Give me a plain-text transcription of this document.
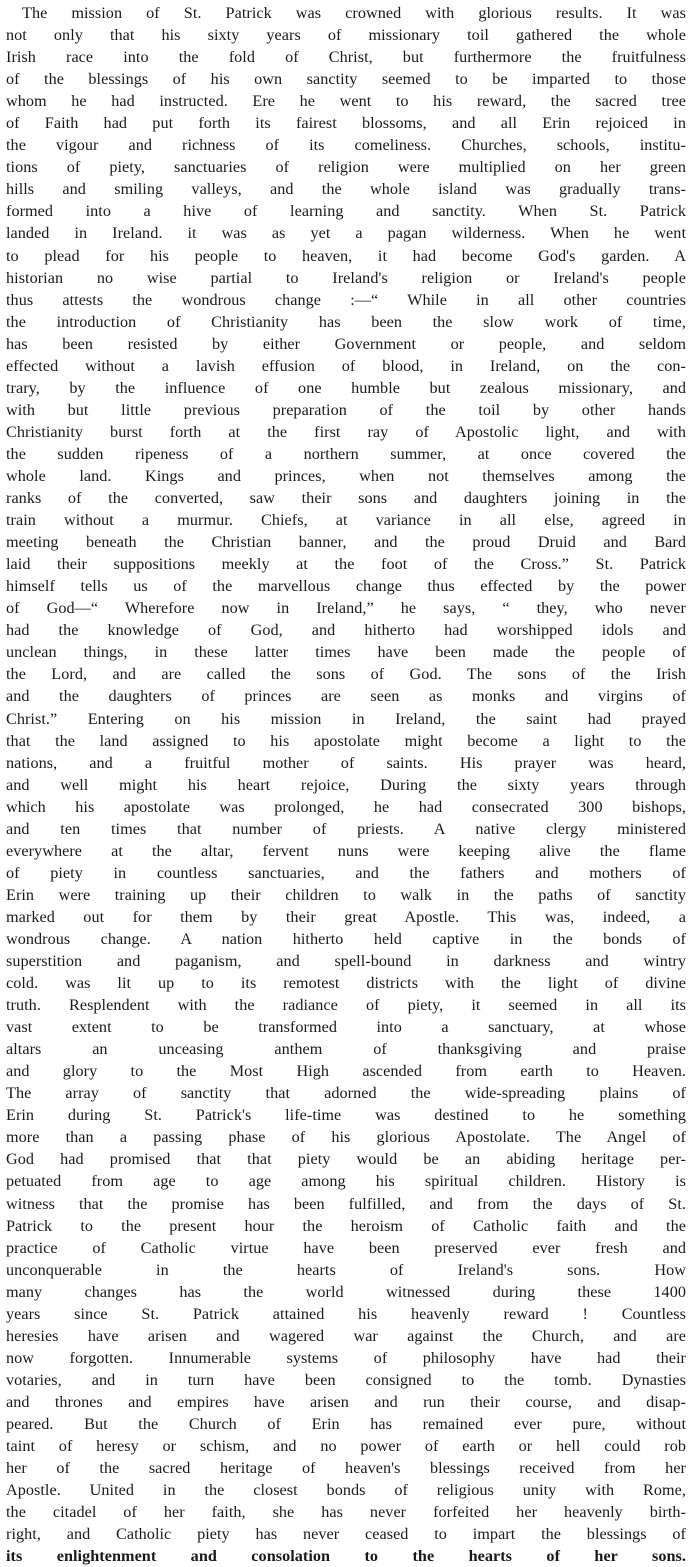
The mission of St. Patrick was crowned with glorious results. It was
not only that his sixty years of missionary toil gathered the whole
Irish race into the fold of Christ, but furthermore the fruitfulness
of the blessings of his own sanctity seemed to be imparted to those
whom he had instructed. Ere he went to his reward, the sacred tree
of Faith had put forth its fairest blossoms, and all Erin rejoiced in
the vigour and richness of its comeliness. Churches, schools, institu-
tions of piety, sanctuaries of religion were multiplied on her green
hills and smiling valleys, and the whole island was gradually trans-
formed into a hive of learning and sanctity. When St. Patrick
landed in Ireland. it was as yet a pagan wilderness. When he went
to plead for his people to heaven, it had become God's garden. A
historian no wise partial to Ireland's religion or Ireland's people
thus attests the wondrous change :—“ While in all other countries
the introduction of Christianity has been the slow work of time,
has been resisted by either Government or people, and seldom
effected without a lavish effusion of blood, in Ireland, on the con-
trary, by the influence of one humble but zealous missionary, and
with but little previous preparation of the toil by other hands
Christianity burst forth at the first ray of Apostolic light, and with
the sudden ripeness of a northern summer, at once covered the
whole land. Kings and princes, when not themselves among the
ranks of the converted, saw their sons and daughters joining in the
train without a murmur. Chiefs, at variance in all else, agreed in
meeting beneath the Christian banner, and the proud Druid and Bard
laid their suppositions meekly at the foot of the Cross.” St. Patrick
himself tells us of the marvellous change thus effected by the power
of God—“ Wherefore now in Ireland,” he says, “ they, who never
had the knowledge of God, and hitherto had worshipped idols and
unclean things, in these latter times have been made the people of
the Lord, and are called the sons of God. The sons of the Irish
and the daughters of princes are seen as monks and virgins of
Christ.” Entering on his mission in Ireland, the saint had prayed
that the land assigned to his apostolate might become a light to the
nations, and a fruitful mother of saints. His prayer was heard,
and well might his heart rejoice, During the sixty years through
which his apostolate was prolonged, he had consecrated 300 bishops,
and ten times that number of priests. A native clergy ministered
everywhere at the altar, fervent nuns were keeping alive the flame
of piety in countless sanctuaries, and the fathers and mothers of
Erin were training up their children to walk in the paths of sanctity
marked out for them by their great Apostle. This was, indeed, a
wondrous change. A nation hitherto held captive in the bonds of
superstition and paganism, and spell-bound in darkness and wintry
cold. was lit up to its remotest districts with the light of divine
truth. Resplendent with the radiance of piety, it seemed in all its
vast extent to be transformed into a sanctuary, at whose
altars an unceasing anthem of thanksgiving and praise
and glory to the Most High ascended from earth to Heaven.
The array of sanctity that adorned the wide-spreading plains of
Erin during St. Patrick's life-time was destined to he something
more than a passing phase of his glorious Apostolate. The Angel of
God had promised that that piety would be an abiding heritage per-
petuated from age to age among his spiritual children. History is
witness that the promise has been fulfilled, and from the days of St.
Patrick to the present hour the heroism of Catholic faith and the
practice of Catholic virtue have been preserved ever fresh and
unconquerable in the hearts of Ireland's sons. How
many changes has the world witnessed during these 1400
years since St. Patrick attained his heavenly reward ! Countless
heresies have arisen and wagered war against the Church, and are
now forgotten. Innumerable systems of philosophy have had their
votaries, and in turn have been consigned to the tomb. Dynasties
and thrones and empires have arisen and run their course, and disap-
peared. But the Church of Erin has remained ever pure, without
taint of heresy or schism, and no power of earth or hell could rob
her of the sacred heritage of heaven's blessings received from her
Apostle. United in the closest bonds of religious unity with Rome,
the citadel of her faith, she has never forfeited her heavenly birth-
right, and Catholic piety has never ceased to impart the blessings of
its enlightenment and consolation to the hearts of her sons.
